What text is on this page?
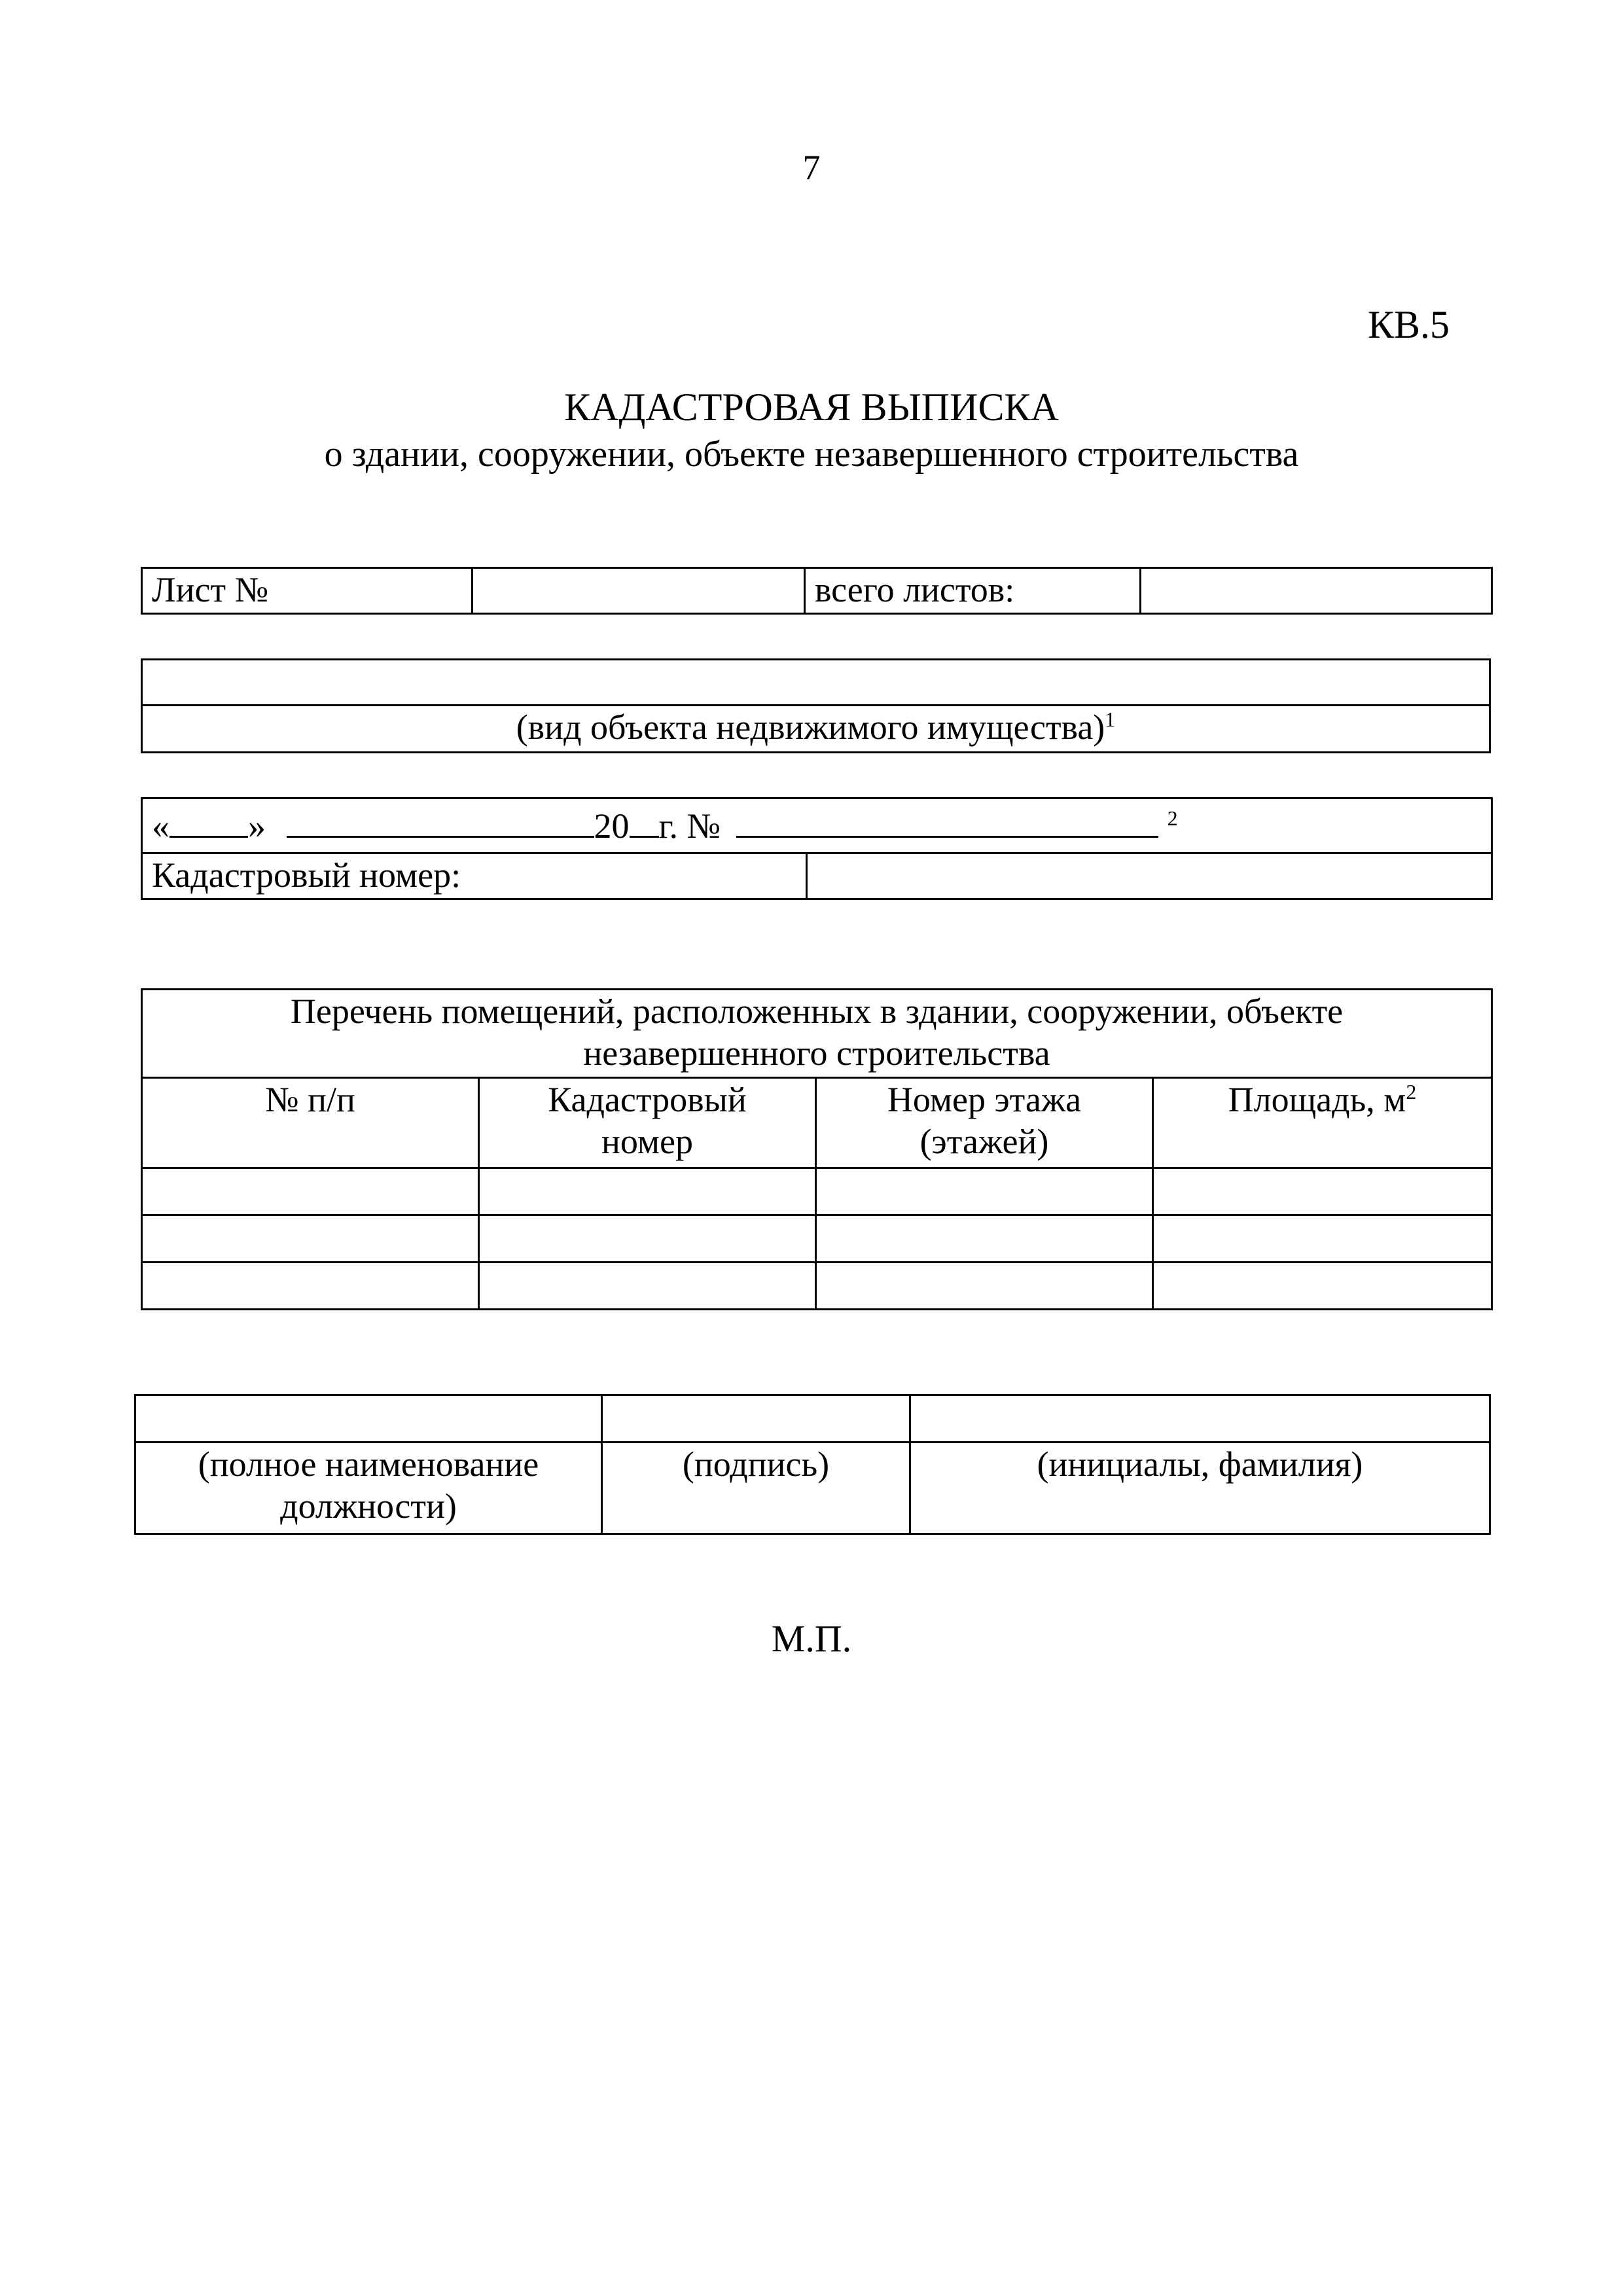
7
КВ.5
КАДАСТРОВАЯ ВЫПИСКА
о здании, сооружении, объекте незавершенного строительства
Лист №		всего листов:	

(вид объекта недвижимого имущества)$^1$
« »	20 г. №	$^2$
Кадастровый номер:	
Перечень помещений, расположенных в здании, сооружении, объекте незавершенного строительства			
№ п/п	Кадастровый номер	Номер этажа (этажей)	Площадь, $м^2$

(полное наименование должности)	(подпись)	(инициалы, фамилия)
М.П.
